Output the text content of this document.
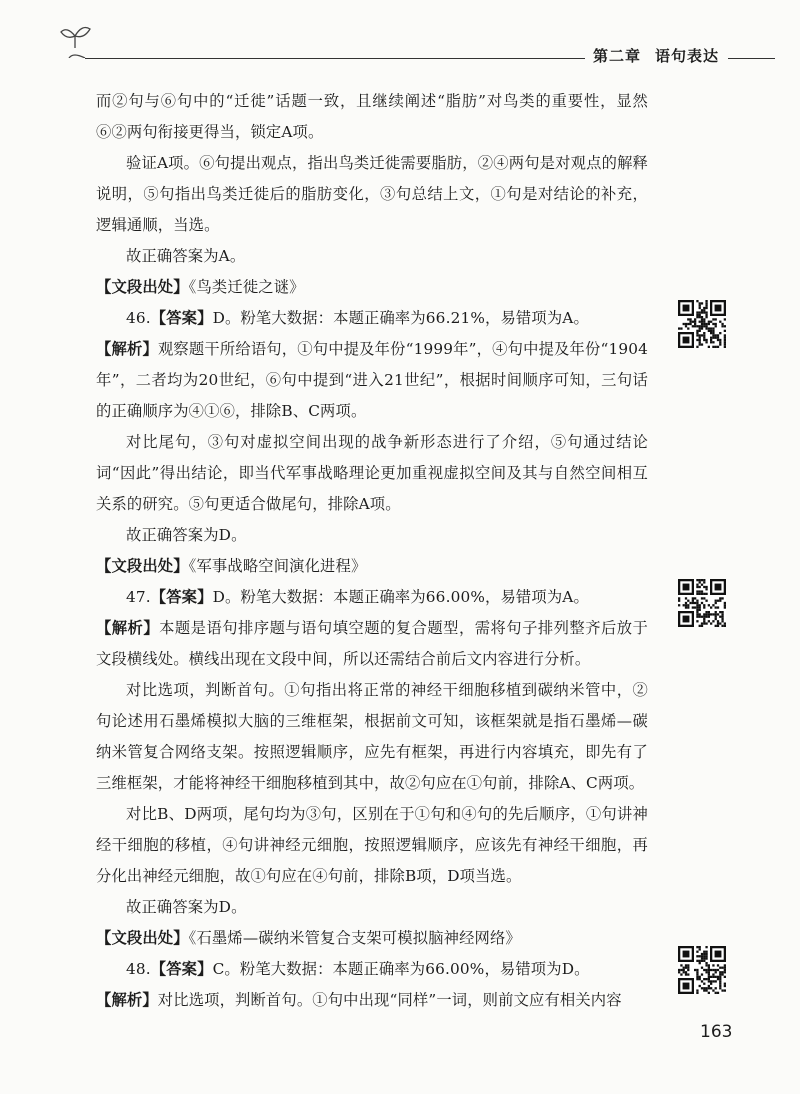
第二章 语句表达

而②句与⑥句中的“迁徙”话题一致，且继续阐述“脂肪”对鸟类的重要性，显然⑥②两句衔接更得当，锁定A项。

验证A项。⑥句提出观点，指出鸟类迁徙需要脂肪，②④两句是对观点的解释说明，⑤句指出鸟类迁徙后的脂肪变化，③句总结上文，①句是对结论的补充，逻辑通顺，当选。

故正确答案为A。

【文段出处】《鸟类迁徙之谜》

46.【答案】D。粉笔大数据：本题正确率为66.21%，易错项为A。

【解析】观察题干所给语句，①句中提及年份“1999年”，④句中提及年份“1904年”，二者均为20世纪，⑥句中提到“进入21世纪”，根据时间顺序可知，三句话的正确顺序为④①⑥，排除B、C两项。

对比尾句，③句对虚拟空间出现的战争新形态进行了介绍，⑤句通过结论词“因此”得出结论，即当代军事战略理论更加重视虚拟空间及其与自然空间相互关系的研究。⑤句更适合做尾句，排除A项。

故正确答案为D。

【文段出处】《军事战略空间演化进程》

47.【答案】D。粉笔大数据：本题正确率为66.00%，易错项为A。

【解析】本题是语句排序题与语句填空题的复合题型，需将句子排列整齐后放于文段横线处。横线出现在文段中间，所以还需结合前后文内容进行分析。

对比选项，判断首句。①句指出将正常的神经干细胞移植到碳纳米管中，②句论述用石墨烯模拟大脑的三维框架，根据前文可知，该框架就是指石墨烯—碳纳米管复合网络支架。按照逻辑顺序，应先有框架，再进行内容填充，即先有了三维框架，才能将神经干细胞移植到其中，故②句应在①句前，排除A、C两项。

对比B、D两项，尾句均为③句，区别在于①句和④句的先后顺序，①句讲神经干细胞的移植，④句讲神经元细胞，按照逻辑顺序，应该先有神经干细胞，再分化出神经元细胞，故①句应在④句前，排除B项，D项当选。

故正确答案为D。

【文段出处】《石墨烯—碳纳米管复合支架可模拟脑神经网络》

48.【答案】C。粉笔大数据：本题正确率为66.00%，易错项为D。

【解析】对比选项，判断首句。①句中出现“同样”一词，则前文应有相关内容

163
